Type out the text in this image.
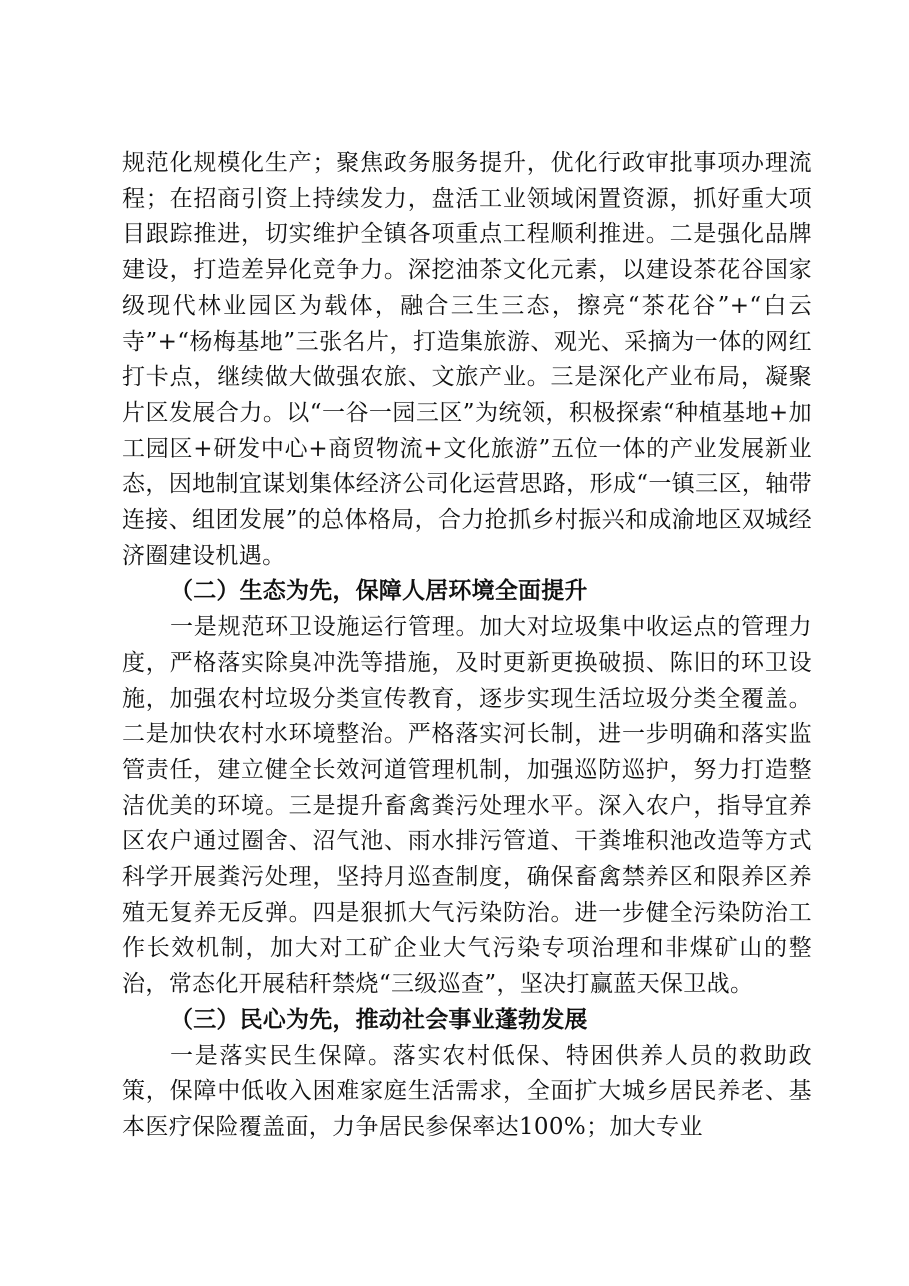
规范化规模化生产；聚焦政务服务提升，优化行政审批事项办理流程；在招商引资上持续发力，盘活工业领域闲置资源，抓好重大项目跟踪推进，切实维护全镇各项重点工程顺利推进。二是强化品牌建设，打造差异化竞争力。深挖油茶文化元素，以建设茶花谷国家级现代林业园区为载体，融合三生三态，擦亮“茶花谷”+“白云寺”+“杨梅基地”三张名片，打造集旅游、观光、采摘为一体的网红打卡点，继续做大做强农旅、文旅产业。三是深化产业布局，凝聚片区发展合力。以“一谷一园三区”为统领，积极探索“种植基地+加工园区+研发中心+商贸物流+文化旅游”五位一体的产业发展新业态，因地制宜谋划集体经济公司化运营思路，形成“一镇三区，轴带连接、组团发展”的总体格局，合力抢抓乡村振兴和成渝地区双城经济圈建设机遇。

（二）生态为先，保障人居环境全面提升

一是规范环卫设施运行管理。加大对垃圾集中收运点的管理力度，严格落实除臭冲洗等措施，及时更新更换破损、陈旧的环卫设施，加强农村垃圾分类宣传教育，逐步实现生活垃圾分类全覆盖。二是加快农村水环境整治。严格落实河长制，进一步明确和落实监管责任，建立健全长效河道管理机制，加强巡防巡护，努力打造整洁优美的环境。三是提升畜禽粪污处理水平。深入农户，指导宜养区农户通过圈舍、沼气池、雨水排污管道、干粪堆积池改造等方式科学开展粪污处理，坚持月巡查制度，确保畜禽禁养区和限养区养殖无复养无反弹。四是狠抓大气污染防治。进一步健全污染防治工作长效机制，加大对工矿企业大气污染专项治理和非煤矿山的整治，常态化开展秸秆禁烧“三级巡查”，坚决打赢蓝天保卫战。

（三）民心为先，推动社会事业蓬勃发展

一是落实民生保障。落实农村低保、特困供养人员的救助政策，保障中低收入困难家庭生活需求，全面扩大城乡居民养老、基本医疗保险覆盖面，力争居民参保率达100%；加大专业
